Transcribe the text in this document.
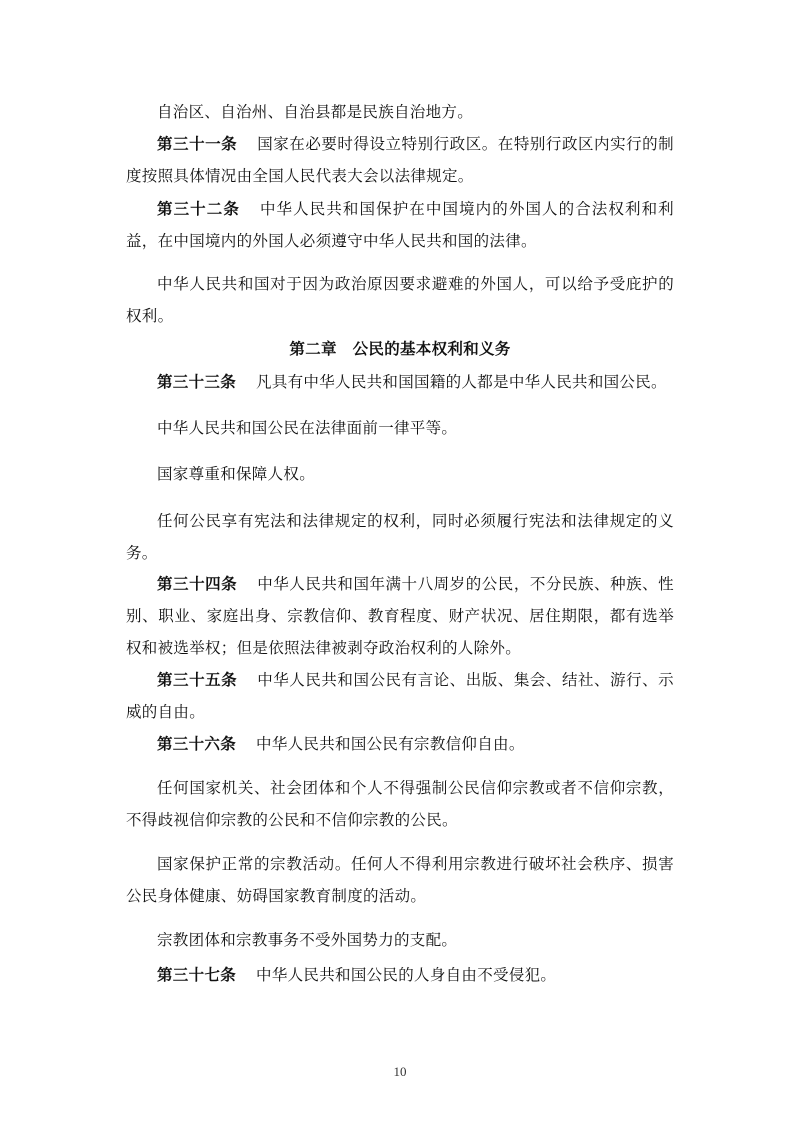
自治区、自治州、自治县都是民族自治地方。

第三十一条 国家在必要时得设立特别行政区。在特别行政区内实行的制度按照具体情况由全国人民代表大会以法律规定。

第三十二条 中华人民共和国保护在中国境内的外国人的合法权利和利益，在中国境内的外国人必须遵守中华人民共和国的法律。

中华人民共和国对于因为政治原因要求避难的外国人，可以给予受庇护的权利。

第二章　公民的基本权利和义务

第三十三条 凡具有中华人民共和国国籍的人都是中华人民共和国公民。

中华人民共和国公民在法律面前一律平等。

国家尊重和保障人权。

任何公民享有宪法和法律规定的权利，同时必须履行宪法和法律规定的义务。

第三十四条 中华人民共和国年满十八周岁的公民，不分民族、种族、性别、职业、家庭出身、宗教信仰、教育程度、财产状况、居住期限，都有选举权和被选举权；但是依照法律被剥夺政治权利的人除外。

第三十五条 中华人民共和国公民有言论、出版、集会、结社、游行、示威的自由。

第三十六条 中华人民共和国公民有宗教信仰自由。

任何国家机关、社会团体和个人不得强制公民信仰宗教或者不信仰宗教，不得歧视信仰宗教的公民和不信仰宗教的公民。

国家保护正常的宗教活动。任何人不得利用宗教进行破坏社会秩序、损害公民身体健康、妨碍国家教育制度的活动。

宗教团体和宗教事务不受外国势力的支配。

第三十七条 中华人民共和国公民的人身自由不受侵犯。

10
